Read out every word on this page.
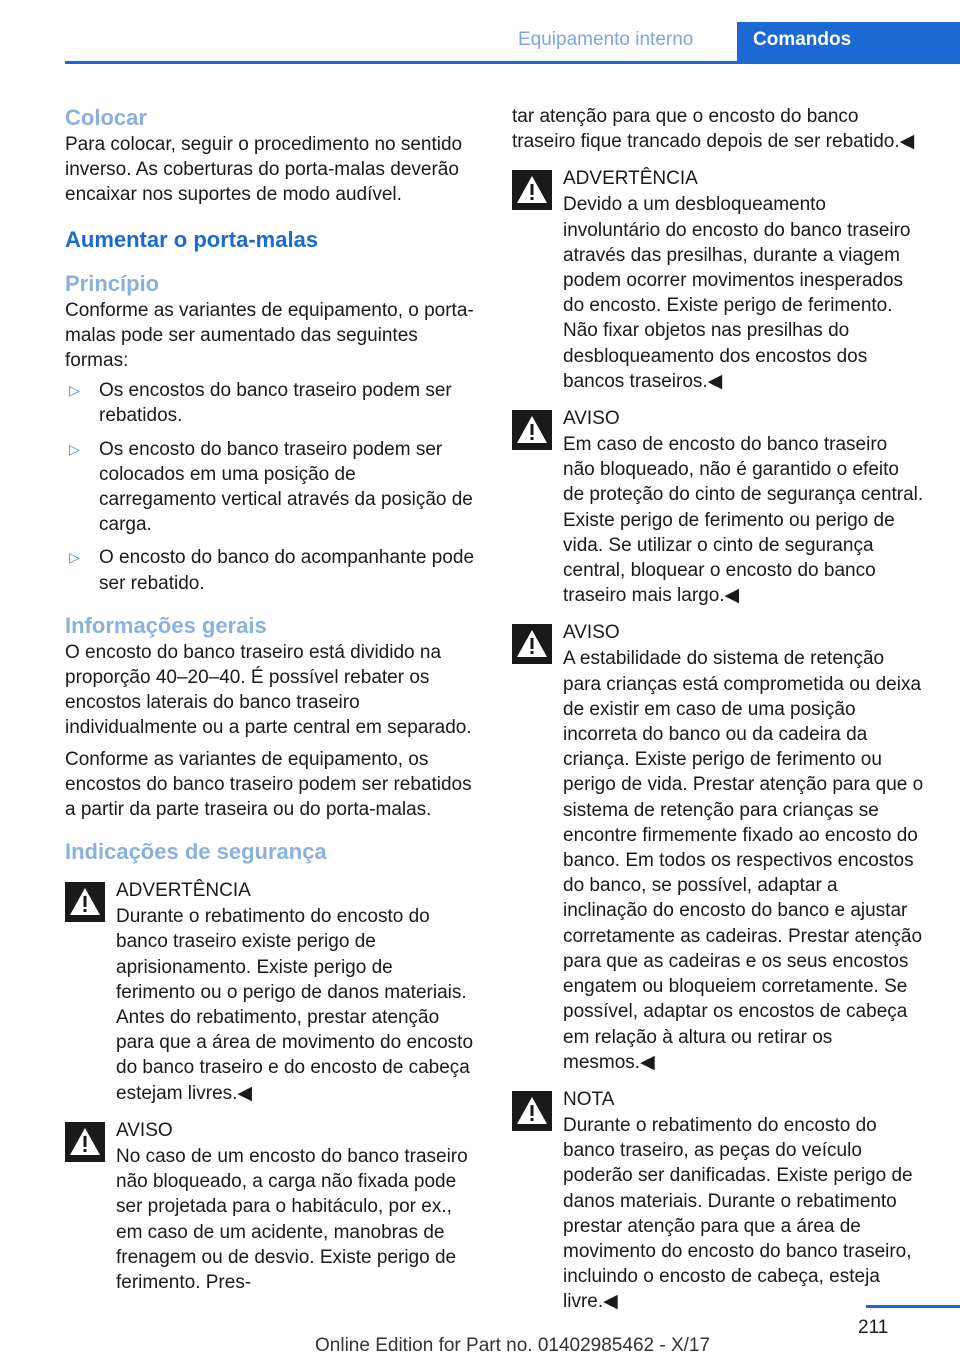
Equipamento interno	Comandos
Colocar

Para colocar, seguir o procedimento no sentido inverso. As coberturas do porta-malas deverão encaixar nos suportes de modo audível.

Aumentar o porta-malas
Princípio

Conforme as variantes de equipamento, o porta-malas pode ser aumentado das seguintes formas:

▷ Os encostos do banco traseiro podem ser rebatidos.
▷ Os encosto do banco traseiro podem ser colocados em uma posição de carregamento vertical através da posição de carga.
▷ O encosto do banco do acompanhante pode ser rebatido.
Informações gerais

O encosto do banco traseiro está dividido na proporção 40–20–40. É possível rebater os encostos laterais do banco traseiro individualmente ou a parte central em separado.

Conforme as variantes de equipamento, os encostos do banco traseiro podem ser rebatidos a partir da parte traseira ou do porta-malas.

Indicações de segurança
ADVERTÊNCIA
Durante o rebatimento do encosto do banco traseiro existe perigo de aprisionamento. Existe perigo de ferimento ou o perigo de danos materiais. Antes do rebatimento, prestar atenção para que a área de movimento do encosto do banco traseiro e do encosto de cabeça estejam livres.◀
AVISO
No caso de um encosto do banco traseiro não bloqueado, a carga não fixada pode ser projetada para o habitáculo, por ex., em caso de um acidente, manobras de frenagem ou de desvio. Existe perigo de ferimento. Pres-

tar atenção para que o encosto do banco traseiro fique trancado depois de ser rebatido.◀

ADVERTÊNCIA
Devido a um desbloqueamento involuntário do encosto do banco traseiro através das presilhas, durante a viagem podem ocorrer movimentos inesperados do encosto. Existe perigo de ferimento. Não fixar objetos nas presilhas do desbloqueamento dos encostos dos bancos traseiros.◀
AVISO
Em caso de encosto do banco traseiro não bloqueado, não é garantido o efeito de proteção do cinto de segurança central. Existe perigo de ferimento ou perigo de vida. Se utilizar o cinto de segurança central, bloquear o encosto do banco traseiro mais largo.◀
AVISO
A estabilidade do sistema de retenção para crianças está comprometida ou deixa de existir em caso de uma posição incorreta do banco ou da cadeira da criança. Existe perigo de ferimento ou perigo de vida. Prestar atenção para que o sistema de retenção para crianças se encontre firmemente fixado ao encosto do banco. Em todos os respectivos encostos do banco, se possível, adaptar a inclinação do encosto do banco e ajustar corretamente as cadeiras. Prestar atenção para que as cadeiras e os seus encostos engatem ou bloqueiem corretamente. Se possível, adaptar os encostos de cabeça em relação à altura ou retirar os mesmos.◀
NOTA
Durante o rebatimento do encosto do banco traseiro, as peças do veículo poderão ser danificadas. Existe perigo de danos materiais. Durante o rebatimento prestar atenção para que a área de movimento do encosto do banco traseiro, incluindo o encosto de cabeça, esteja livre.◀
211
Online Edition for Part no. 01402985462 - X/17
